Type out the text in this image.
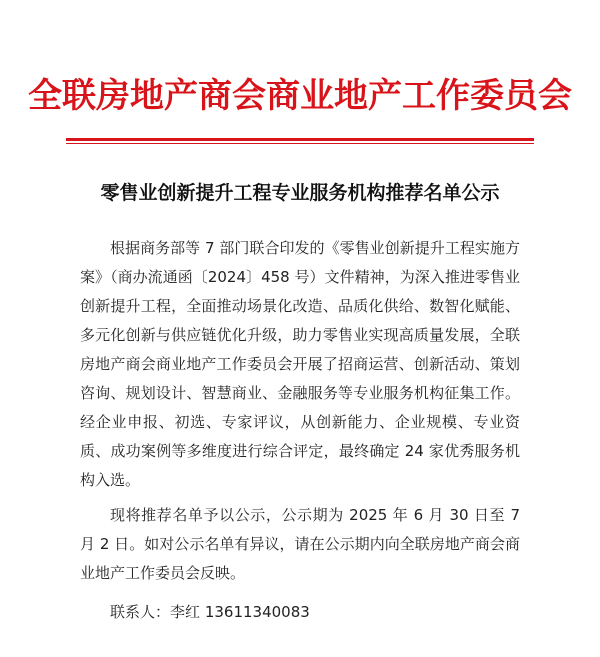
全联房地产商会商业地产工作委员会
零售业创新提升工程专业服务机构推荐名单公示

根据商务部等 7 部门联合印发的《零售业创新提升工程实施方案》（商办流通函〔2024〕458 号）文件精神，为深入推进零售业创新提升工程，全面推动场景化改造、品质化供给、数智化赋能、多元化创新与供应链优化升级，助力零售业实现高质量发展，全联房地产商会商业地产工作委员会开展了招商运营、创新活动、策划咨询、规划设计、智慧商业、金融服务等专业服务机构征集工作。经企业申报、初选、专家评议，从创新能力、企业规模、专业资质、成功案例等多维度进行综合评定，最终确定 24 家优秀服务机构入选。

现将推荐名单予以公示，公示期为 2025 年 6 月 30 日至 7 月 2 日。如对公示名单有异议，请在公示期内向全联房地产商会商业地产工作委员会反映。

联系人：李红 13611340083
